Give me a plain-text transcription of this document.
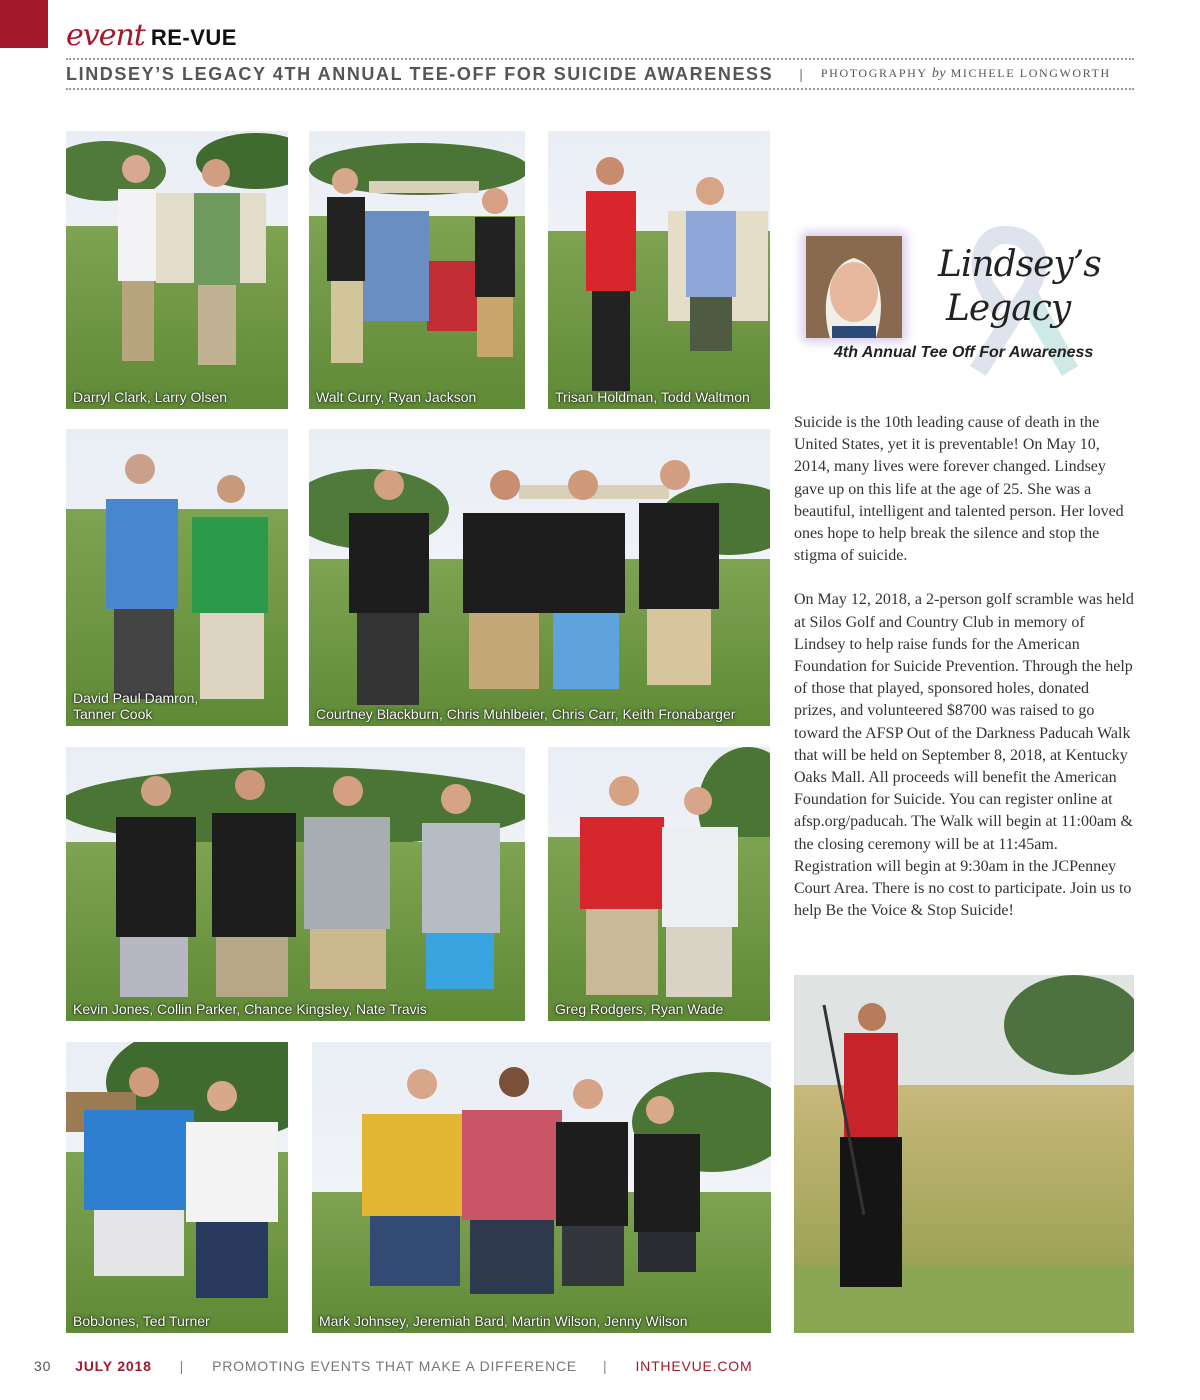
event RE-VUE
LINDSEY’S LEGACY 4TH ANNUAL TEE-OFF FOR SUICIDE AWARENESS | PHOTOGRAPHY by MICHELE LONGWORTH
Darryl Clark, Larry Olsen	Walt Curry, Ryan Jackson	Trisan Holdman, Todd Waltmon
David Paul Damron,
Tanner Cook	Courtney Blackburn, Chris Muhlbeier, Chris Carr, Keith Fronabarger
Kevin Jones, Collin Parker, Chance Kingsley, Nate Travis	Greg Rodgers, Ryan Wade
BobJones, Ted Turner	Mark Johnsey, Jeremiah Bard, Martin Wilson, Jenny Wilson
Lindsey’s
Legacy
4th Annual Tee Off For Awareness

Suicide is the 10th leading cause of death in the United States, yet it is preventable! On May 10, 2014, many lives were forever changed. Lindsey gave up on this life at the age of 25. She was a beautiful, intelligent and talented person. Her loved ones hope to help break the silence and stop the stigma of suicide.

On May 12, 2018, a 2-person golf scramble was held at Silos Golf and Country Club in memory of Lindsey to help raise funds for the American Foundation for Suicide Prevention. Through the help of those that played, sponsored holes, donated prizes, and volunteered $8700 was raised to go toward the AFSP Out of the Darkness Paducah Walk that will be held on September 8, 2018, at Kentucky Oaks Mall. All proceeds will benefit the American Foundation for Suicide. You can register online at afsp.org/paducah. The Walk will begin at 11:00am & the closing ceremony will be at 11:45am. Registration will begin at 9:30am in the JCPenney Court Area. There is no cost to participate. Join us to help Be the Voice & Stop Suicide!

30 JULY 2018 | PROMOTING EVENTS THAT MAKE A DIFFERENCE | INTHEVUE.COM
